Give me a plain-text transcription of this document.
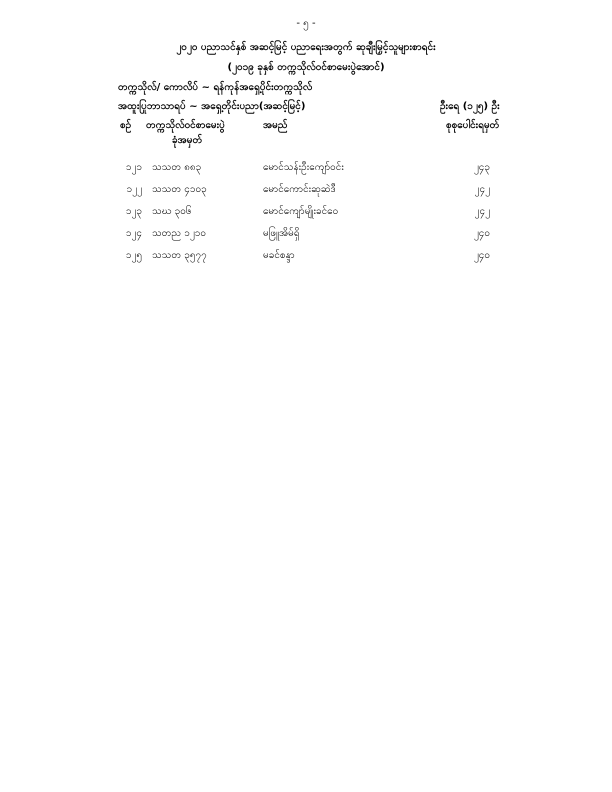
- ၅ -
၂၀၂၀ ပညာသင်နှစ် အဆင့်မြင့် ပညာရေးအတွက် ဆုချီးမြှင့်သူများစာရင်း
(၂၀၁၉ ခုနှစ် တက္ကသိုလ်ဝင်စာမေးပွဲအောင်)
တက္ကသိုလ်/ ကောလိပ် ~ ရန်ကုန်အရှေ့ပိုင်းတက္ကသိုလ်
အထူးပြုဘာသာရပ် ~ အရှေ့တိုင်းပညာ(အဆင့်မြင့်)	ဦးရေ (၁၂၅) ဦး
စဉ် တက္ကသိုလ်ဝင်စာမေးပွဲ
ခုံအမှတ်
အမည်	စုစုပေါင်းရမှတ်
၁၂၁ သသတ ၈၈၃	မောင်သန်းဦးကျော်ဝင်း	၂၄၃
၁၂၂ သသတ ၄၁၀၃	မောင်ကောင်းဆုဆဲဒီ	၂၄၂
၁၂၃ သဃ ၃၀၆	မောင်ကျော်မျိုးခင်ဝေ	၂၄၂
၁၂၄ သတည ၁၂၁၀	မဖြူအိမ်ရှိ	၂၄၀
၁၂၅ သသတ ၃၅၇၇	မခင်စန္ဒာ	၂၄၀
